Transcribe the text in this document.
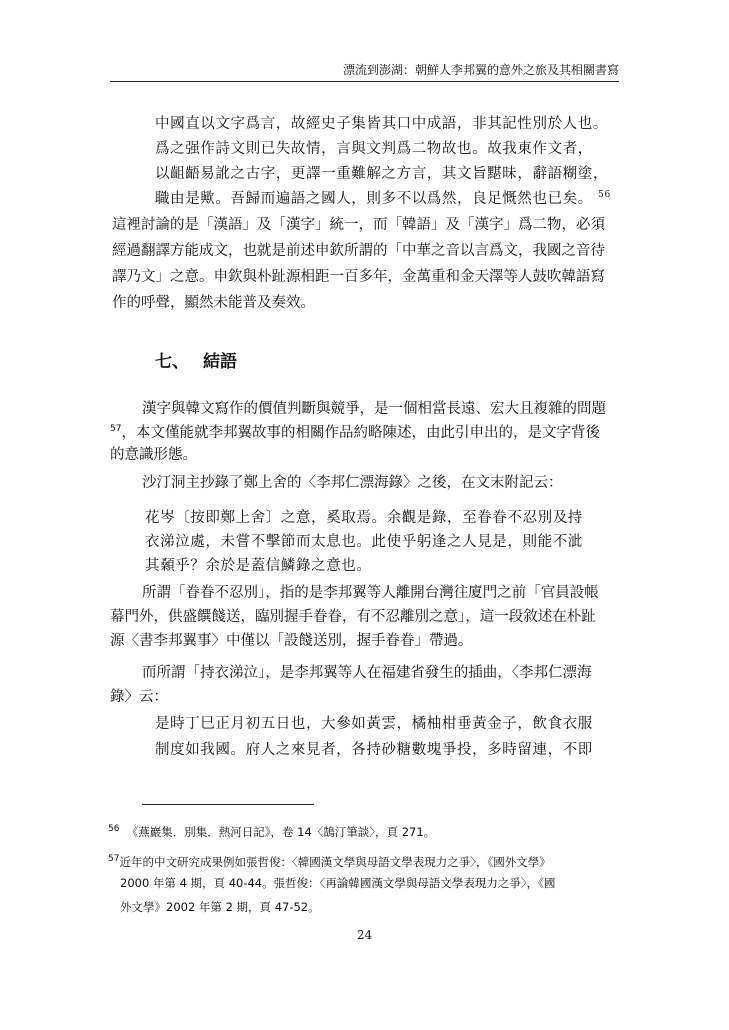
漂流到澎湖：朝鮮人李邦翼的意外之旅及其相關書寫
中國直以文字爲言，故經史子集皆其口中成語，非其記性別於人也。
爲之强作詩文則已失故情，言與文判爲二物故也。故我東作文者，
以齟齬易訛之古字，更譯一重難解之方言，其文旨黮昧，辭語糊塗，
職由是歟。吾歸而遍語之國人，則多不以爲然，良足慨然也已矣。 $^{56}$
這裡討論的是「漢語」及「漢字」統一，而「韓語」及「漢字」爲二物，必須
經過翻譯方能成文，也就是前述申欽所謂的「中華之音以言爲文，我國之音待
譯乃文」之意。申欽與朴趾源相距一百多年，金萬重和金天澤等人鼓吹韓語寫
作的呼聲，顯然未能普及奏效。
七、 結語
漢字與韓文寫作的價值判斷與競爭，是一個相當長遠、宏大且複雜的問題
$^{57}$，本文僅能就李邦翼故事的相關作品約略陳述，由此引申出的，是文字背後
的意識形態。
沙汀洞主抄錄了鄭上舍的〈李邦仁漂海錄〉之後，在文末附記云：
花岑〔按即鄭上舍〕之意，奚取焉。余觀是錄，至眷眷不忍別及持
衣涕泣處，未嘗不擊節而太息也。此使乎躬逢之人見是，則能不泚
其顙乎？余於是蓋信鱗錄之意也。
所謂「眷眷不忍別」，指的是李邦翼等人離開台灣往廈門之前「官員設帳
幕門外，供盛饌餞送，臨別握手眷眷，有不忍離別之意」，這一段敘述在朴趾
源〈書李邦翼事〉中僅以「設餞送別，握手眷眷」帶過。
而所謂「持衣涕泣」，是李邦翼等人在福建省發生的插曲，〈李邦仁漂海
錄〉云：
是時丁巳正月初五日也，大參如黃雲，橘柚柑垂黃金子，飲食衣服
制度如我國。府人之來見者，各持砂糖數塊爭投，多時留連，不即
$^{56}$ 《燕巖集．別集．熱河日記》，卷 14〈鵠汀筆談〉，頁 271。
$^{57}$近年的中文研究成果例如張哲俊：〈韓國漢文學與母語文學表現力之爭〉，《國外文學》
2000 年第 4 期，頁 40-44。張哲俊：〈再論韓國漢文學與母語文學表現力之爭〉，《國
外文學》2002 年第 2 期，頁 47-52。
24
